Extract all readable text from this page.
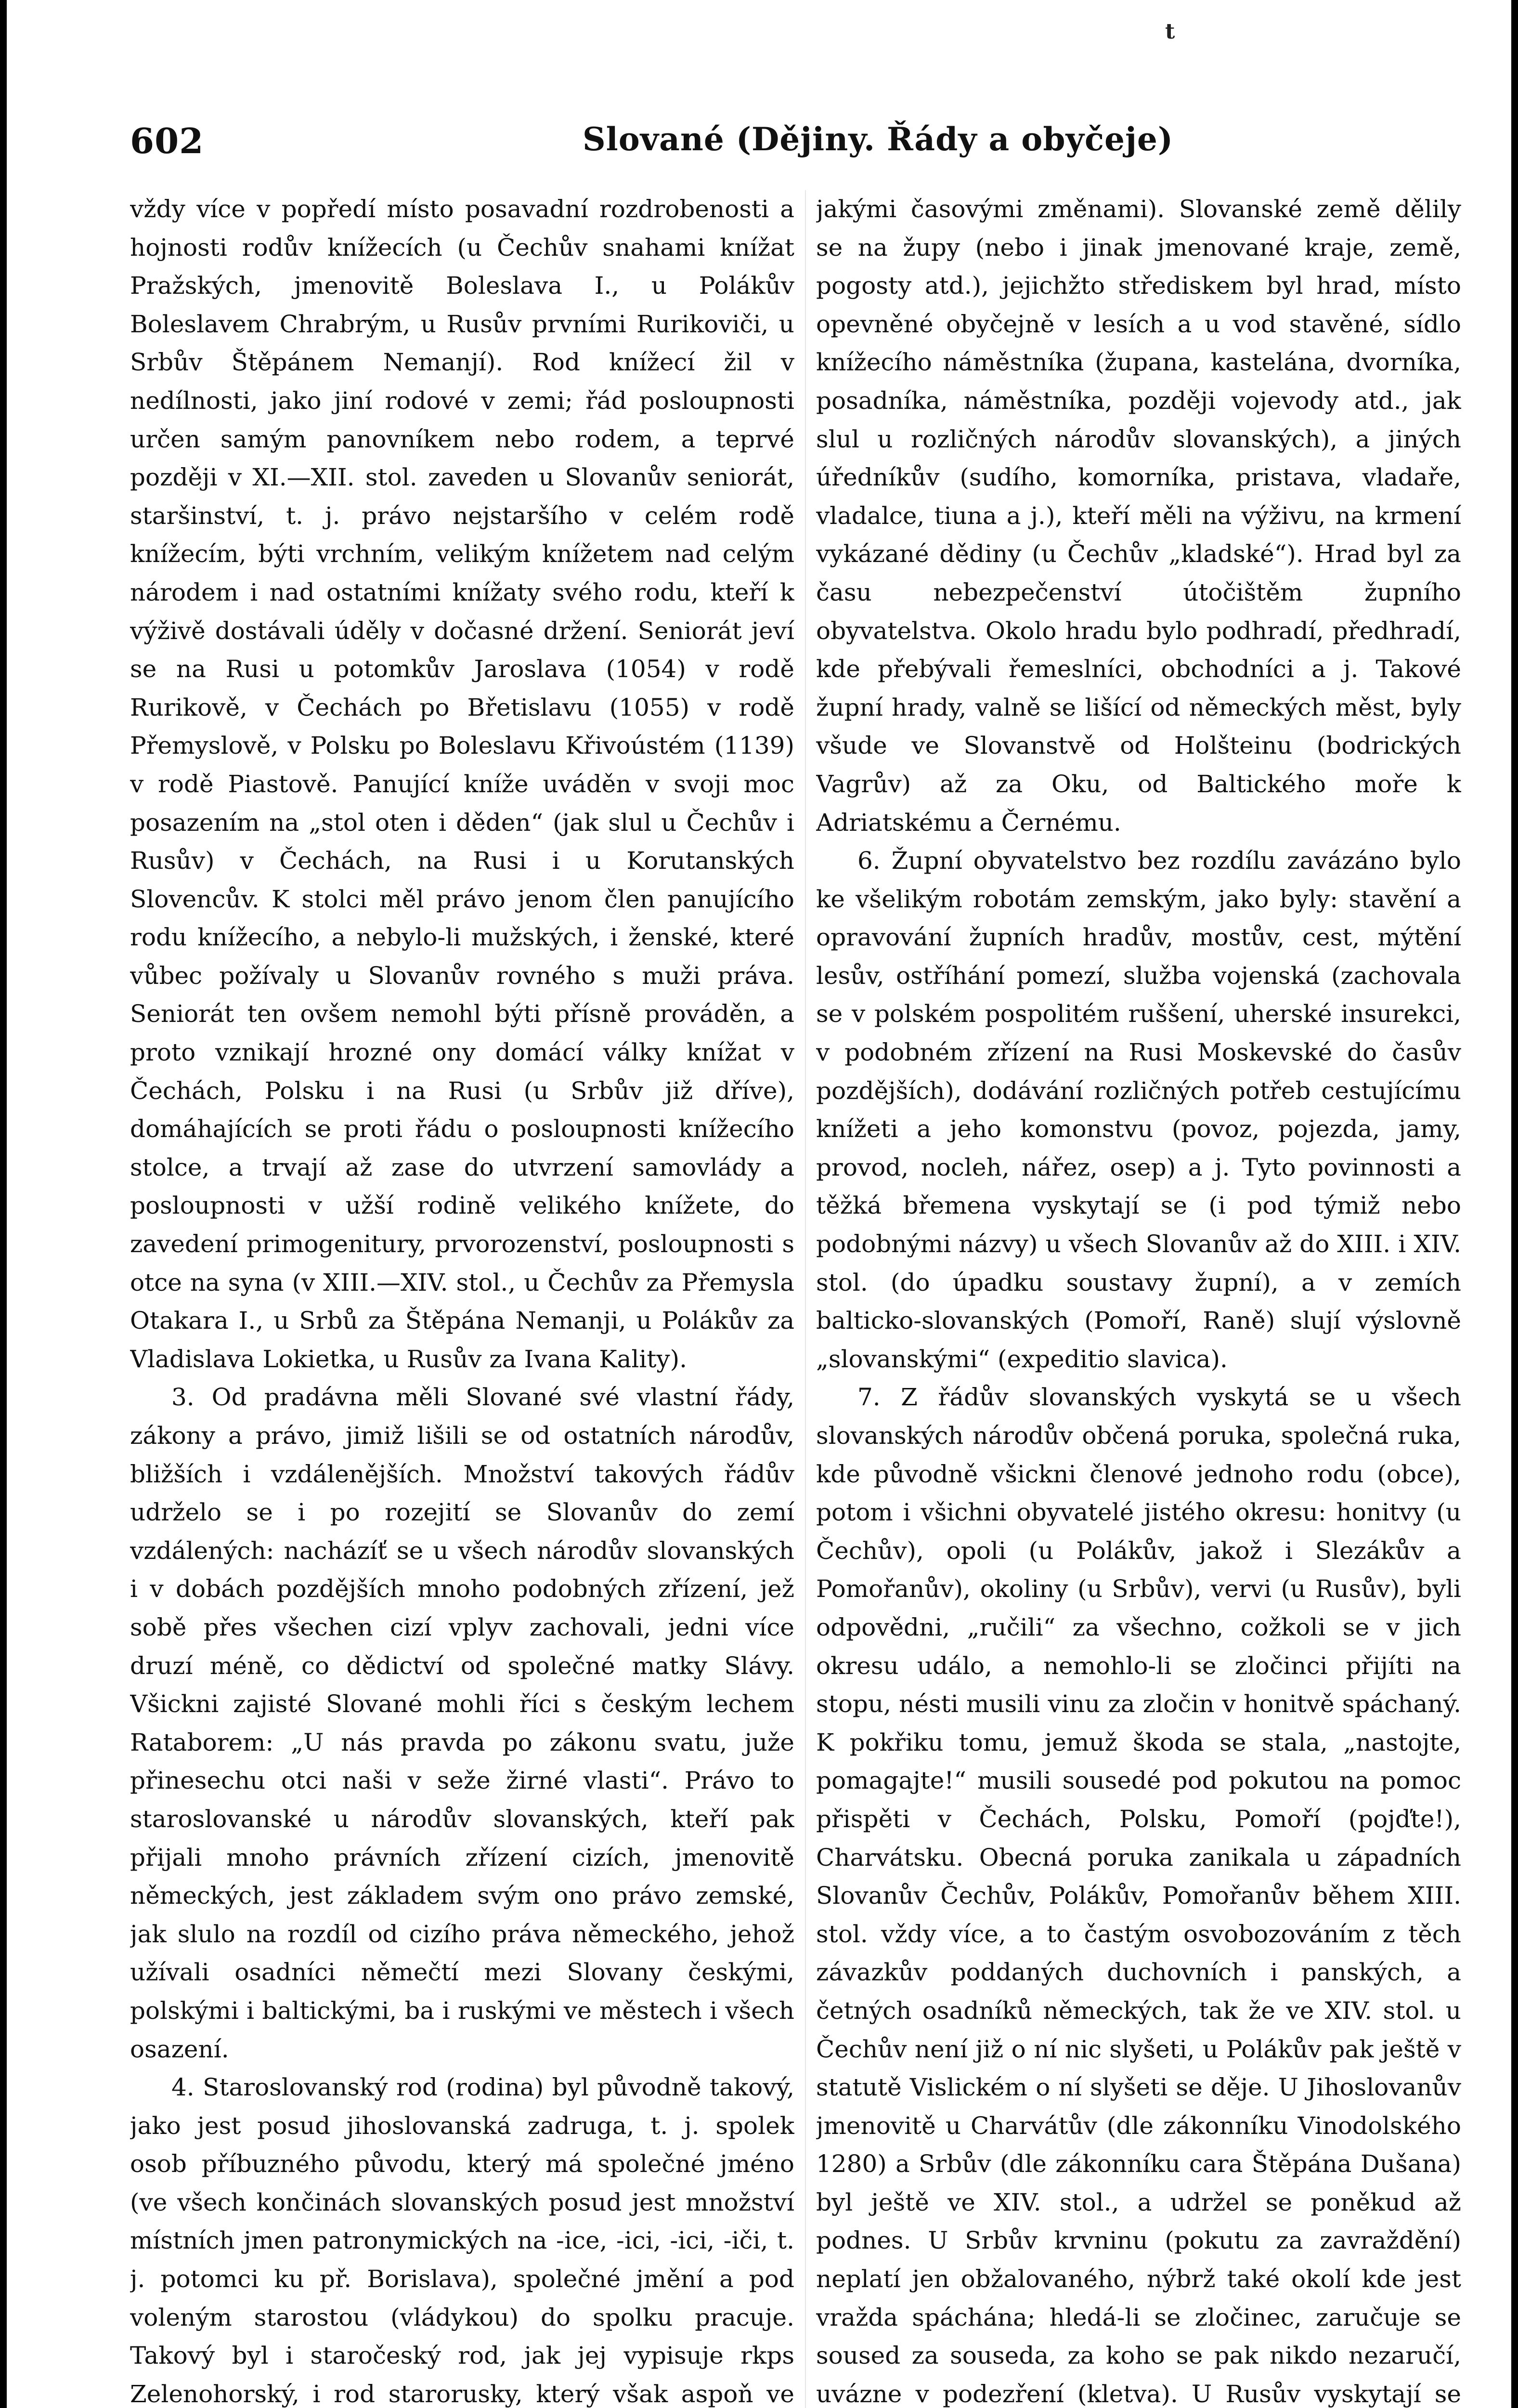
t
602	Slované (Dějiny. Řády a obyčeje)

vždy více v popředí místo posavadní rozdrobenosti a hojnosti rodův knížecích (u Čechův snahami knížat Pražských, jmenovitě Boleslava I., u Polákův Boleslavem Chrabrým, u Rusův prvními Rurikoviči, u Srbův Štěpánem Nemanjí). Rod knížecí žil v nedílnosti, jako jiní rodové v zemi; řád posloupnosti určen samým panovníkem nebo rodem, a teprvé později v XI.—XII. stol. zaveden u Slovanův seniorát, staršinství, t. j. právo nejstaršího v celém rodě knížecím, býti vrchním, velikým knížetem nad celým národem i nad ostatními knížaty svého rodu, kteří k výživě dostávali úděly v dočasné držení. Seniorát jeví se na Rusi u potomkův Jaroslava (1054) v rodě Rurikově, v Čechách po Břetislavu (1055) v rodě Přemyslově, v Polsku po Boleslavu Křivoústém (1139) v rodě Piastově. Panující kníže uváděn v svoji moc posazením na „stol oten i děden“ (jak slul u Čechův i Rusův) v Čechách, na Rusi i u Korutanských Slovencův. K stolci měl právo jenom člen panujícího rodu knížecího, a nebylo-li mužských, i ženské, které vůbec požívaly u Slovanův rovného s muži práva. Seniorát ten ovšem nemohl býti přísně prováděn, a proto vznikají hrozné ony domácí války knížat v Čechách, Polsku i na Rusi (u Srbův již dříve), domáhajících se proti řádu o posloupnosti knížecího stolce, a trvají až zase do utvrzení samovlády a posloupnosti v užší rodině velikého knížete, do zavedení primogenitury, prvorozenství, posloupnosti s otce na syna (v XIII.—XIV. stol., u Čechův za Přemysla Otakara I., u Srbů za Štěpána Nemanji, u Polákův za Vladislava Lokietka, u Rusův za Ivana Kality).

3. Od pradávna měli Slované své vlastní řády, zákony a právo, jimiž lišili se od ostatních národův, bližších i vzdálenějších. Množství takových řádův udrželo se i po rozejití se Slovanův do zemí vzdálených: nacházíť se u všech národův slovanských i v dobách pozdějších mnoho podobných zřízení, jež sobě přes všechen cizí vplyv zachovali, jedni více druzí méně, co dědictví od společné matky Slávy. Všickni zajisté Slované mohli říci s českým lechem Rataborem: „U nás pravda po zákonu svatu, juže přinesechu otci naši v seže žirné vlasti“. Právo to staroslovanské u národův slovanských, kteří pak přijali mnoho právních zřízení cizích, jmenovitě německých, jest základem svým ono právo zemské, jak slulo na rozdíl od cizího práva německého, jehož užívali osadníci němečtí mezi Slovany českými, polskými i baltickými, ba i ruskými ve městech i všech osazení.

4. Staroslovanský rod (rodina) byl původně takový, jako jest posud jihoslovanská zadruga, t. j. spolek osob příbuzného původu, který má společné jméno (ve všech končinách slovanských posud jest množství místních jmen patronymických na -ice, -ici, -ici, -iči, t. j. potomci ku př. Borislava), společné jmění a pod voleným starostou (vládykou) do spolku pracuje. Takový byl i staročeský rod, jak jej vypisuje rkps Zelenohorský, i rod starorusky, který však aspoň ve

jakými časovými změnami). Slovanské země dělily se na župy (nebo i jinak jmenované kraje, země, pogosty atd.), jejichžto střediskem byl hrad, místo opevněné obyčejně v lesích a u vod stavěné, sídlo knížecího náměstníka (župana, kastelána, dvorníka, posadníka, náměstníka, později vojevody atd., jak slul u rozličných národův slovanských), a jiných úředníkův (sudího, komorníka, pristava, vladaře, vladalce, tiuna a j.), kteří měli na výživu, na krmení vykázané dědiny (u Čechův „kladské“). Hrad byl za času nebezpečenství útočištěm župního obyvatelstva. Okolo hradu bylo podhradí, předhradí, kde přebývali řemeslníci, obchodníci a j. Takové župní hrady, valně se lišící od německých měst, byly všude ve Slovanstvě od Holšteinu (bodrických Vagrův) až za Oku, od Baltického moře k Adriatskému a Černému.

6. Župní obyvatelstvo bez rozdílu zavázáno bylo ke všelikým robotám zemským, jako byly: stavění a opravování župních hradův, mostův, cest, mýtění lesův, ostříhání pomezí, služba vojenská (zachovala se v polském pospolitém ruššení, uherské insurekci, v podobném zřízení na Rusi Moskevské do časův pozdějších), dodávání rozličných potřeb cestujícímu knížeti a jeho komonstvu (povoz, pojezda, jamy, provod, nocleh, nářez, osep) a j. Tyto povinnosti a těžká břemena vyskytají se (i pod týmiž nebo podobnými názvy) u všech Slovanův až do XIII. i XIV. stol. (do úpadku soustavy župní), a v zemích balticko-slovanských (Pomoří, Raně) slují výslovně „slovanskými“ (expeditio slavica).

7. Z řádův slovanských vyskytá se u všech slovanských národův občená poruka, společná ruka, kde původně všickni členové jednoho rodu (obce), potom i všichni obyvatelé jistého okresu: honitvy (u Čechův), opoli (u Polákův, jakož i Slezákův a Pomořanův), okoliny (u Srbův), vervi (u Rusův), byli odpovědni, „ručili“ za všechno, cožkoli se v jich okresu událo, a nemohlo-li se zločinci přijíti na stopu, nésti musili vinu za zločin v honitvě spáchaný. K pokřiku tomu, jemuž škoda se stala, „nastojte, pomagajte!“ musili sousedé pod pokutou na pomoc přispěti v Čechách, Polsku, Pomoří (pojďte!), Charvátsku. Obecná poruka zanikala u západních Slovanův Čechův, Polákův, Pomořanův během XIII. stol. vždy více, a to častým osvobozováním z těch závazkův poddaných duchovních i panských, a četných osadníků německých, tak že ve XIV. stol. u Čechův není již o ní nic slyšeti, u Polákův pak ještě v statutě Vislickém o ní slyšeti se děje. U Jihoslovanův jmenovitě u Charvátův (dle zákonníku Vinodolského 1280) a Srbův (dle zákonníku cara Štěpána Dušana) byl ještě ve XIV. stol., a udržel se poněkud až podnes. U Srbův krvninu (pokutu za zavraždění) neplatí jen obžalovaného, nýbrž také okolí kde jest vražda spáchána; hledá-li se zločinec, zaručuje se soused za souseda, za koho se pak nikdo nezaručí, uvázne v podezření (kletva). U Rusův vyskytají se
